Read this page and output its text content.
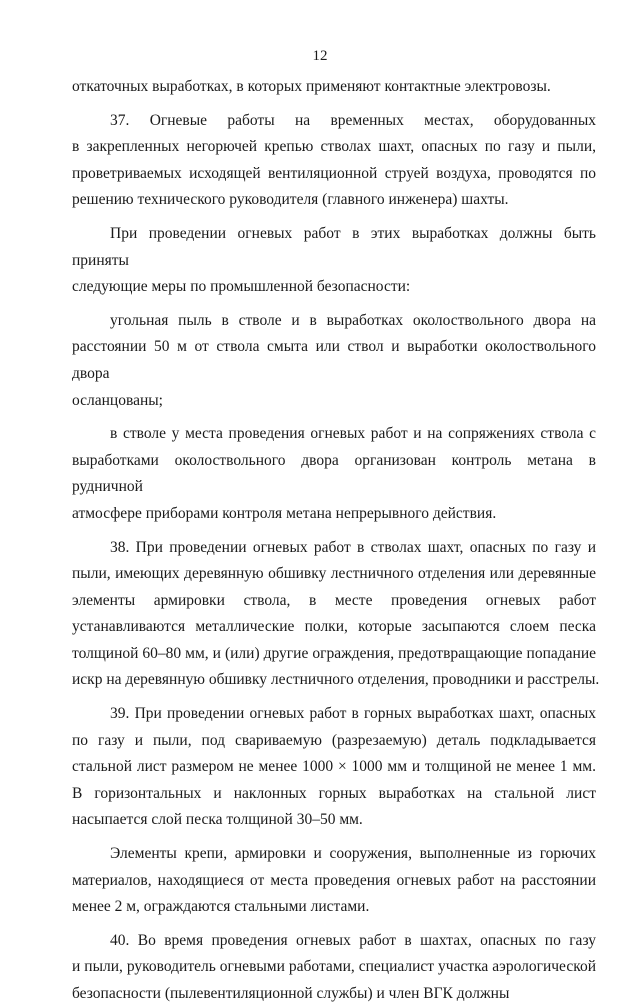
12
откаточных выработках, в которых применяют контактные электровозы.
37. Огневые работы на временных местах, оборудованных
в закрепленных негорючей крепью стволах шахт, опасных по газу и пыли,
проветриваемых исходящей вентиляционной струей воздуха, проводятся по
решению технического руководителя (главного инженера) шахты.
При проведении огневых работ в этих выработках должны быть приняты
следующие меры по промышленной безопасности:
угольная пыль в стволе и в выработках околоствольного двора на
расстоянии 50 м от ствола смыта или ствол и выработки околоствольного двора
осланцованы;
в стволе у места проведения огневых работ и на сопряжениях ствола с
выработками околоствольного двора организован контроль метана в рудничной
атмосфере приборами контроля метана непрерывного действия.
38. При проведении огневых работ в стволах шахт, опасных по газу и
пыли, имеющих деревянную обшивку лестничного отделения или деревянные
элементы армировки ствола, в месте проведения огневых работ
устанавливаются металлические полки, которые засыпаются слоем песка
толщиной 60–80 мм, и (или) другие ограждения, предотвращающие попадание
искр на деревянную обшивку лестничного отделения, проводники и расстрелы.
39. При проведении огневых работ в горных выработках шахт, опасных
по газу и пыли, под свариваемую (разрезаемую) деталь подкладывается
стальной лист размером не менее 1000 × 1000 мм и толщиной не менее 1 мм.
В горизонтальных и наклонных горных выработках на стальной лист
насыпается слой песка толщиной 30–50 мм.
Элементы крепи, армировки и сооружения, выполненные из горючих
материалов, находящиеся от места проведения огневых работ на расстоянии
менее 2 м, ограждаются стальными листами.
40. Во время проведения огневых работ в шахтах, опасных по газу
и пыли, руководитель огневыми работами, специалист участка аэрологической
безопасности (пылевентиляционной службы) и член ВГК должны
